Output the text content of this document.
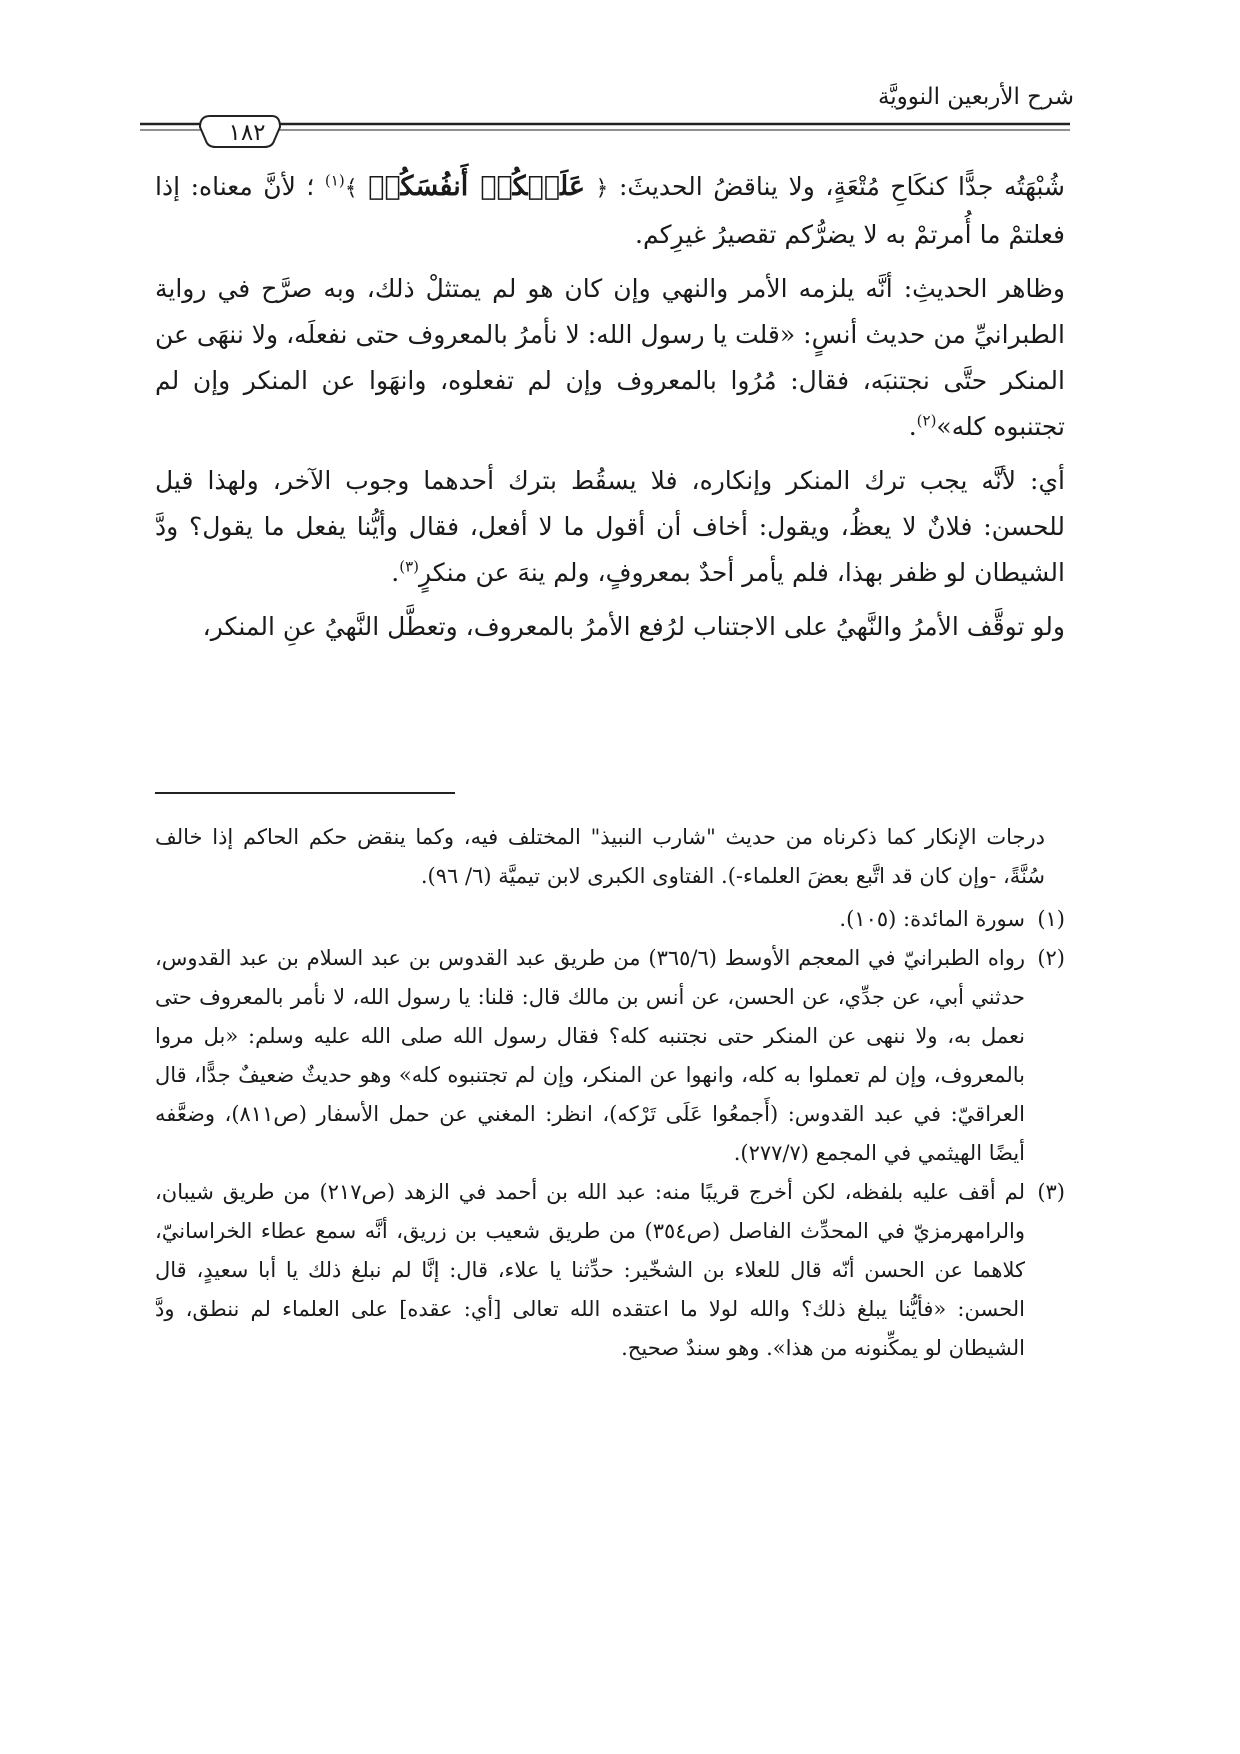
شرح الأربعين النوويَّة
١٨٢

شُبْهَتُه جدًّا كنكَاحِ مُتْعَةٍ، ولا يناقضُ الحديثَ: ﴿ عَلَيۡكُمۡ أَنفُسَكُمۡ ﴾$^{(١)}$ ؛ لأنَّ معناه: إذا فعلتمْ ما أُمرتمْ به لا يضرُّكم تقصيرُ غيرِكم.

وظاهر الحديثِ: أنَّه يلزمه الأمر والنهي وإن كان هو لم يمتثلْ ذلك، وبه صرَّح في رواية الطبرانيِّ من حديث أنسٍ: «قلت يا رسول الله: لا نأمرُ بالمعروف حتى نفعلَه، ولا ننهَى عن المنكر حتَّى نجتنبَه، فقال: مُرُوا بالمعروف وإن لم تفعلوه، وانهَوا عن المنكر وإن لم تجتنبوه كله»$^{(٢)}$.

أي: لأنَّه يجب ترك المنكر وإنكاره، فلا يسقُط بترك أحدهما وجوب الآخر، ولهذا قيل للحسن: فلانٌ لا يعظُ، ويقول: أخاف أن أقول ما لا أفعل، فقال وأيُّنا يفعل ما يقول؟ ودَّ الشيطان لو ظفر بهذا، فلم يأمر أحدٌ بمعروفٍ، ولم ينهَ عن منكرٍ$^{(٣)}$.

ولو توقَّف الأمرُ والنَّهيُ على الاجتناب لرُفع الأمرُ بالمعروف، وتعطَّل النَّهيُ عنِ المنكر،

درجات الإنكار كما ذكرناه من حديث "شارب النبيذ" المختلف فيه، وكما ينقض حكم الحاكم إذا خالف سُنَّةً، -وإن كان قد اتَّبع بعضَ العلماء-). الفتاوى الكبرى لابن تيميَّة (٦/ ٩٦).

(١)
سورة المائدة: (١٠٥).
(٢)
رواه الطبرانيّ في المعجم الأوسط (٣٦٥/٦) من طريق عبد القدوس بن عبد السلام بن عبد القدوس، حدثني أبي، عن جدِّي، عن الحسن، عن أنس بن مالك قال: قلنا: يا رسول الله، لا نأمر بالمعروف حتى نعمل به، ولا ننهى عن المنكر حتى نجتنبه كله؟ فقال رسول الله صلى الله عليه وسلم: «بل مروا بالمعروف، وإن لم تعملوا به كله، وانهوا عن المنكر، وإن لم تجتنبوه كله» وهو حديثٌ ضعيفٌ جدًّا، قال العراقيّ: في عبد القدوس: (أَجمعُوا عَلَى تَرْكه)، انظر: المغني عن حمل الأسفار (ص٨١١)، وضعَّفه أيضًا الهيثمي في المجمع (٢٧٧/٧).
(٣)
لم أقف عليه بلفظه، لكن أخرج قريبًا منه: عبد الله بن أحمد في الزهد (ص٢١٧) من طريق شيبان، والرامهرمزيّ في المحدِّث الفاصل (ص٣٥٤) من طريق شعيب بن زريق، أنَّه سمع عطاء الخراسانيّ، كلاهما عن الحسن أنّه قال للعلاء بن الشخّير: حدِّثنا يا علاء، قال: إنَّا لم نبلغ ذلك يا أبا سعيدٍ، قال الحسن: «فأيُّنا يبلغ ذلك؟ والله لولا ما اعتقده الله تعالى [أي: عقده] على العلماء لم ننطق، ودَّ الشيطان لو يمكِّنونه من هذا». وهو سندٌ صحيح.
